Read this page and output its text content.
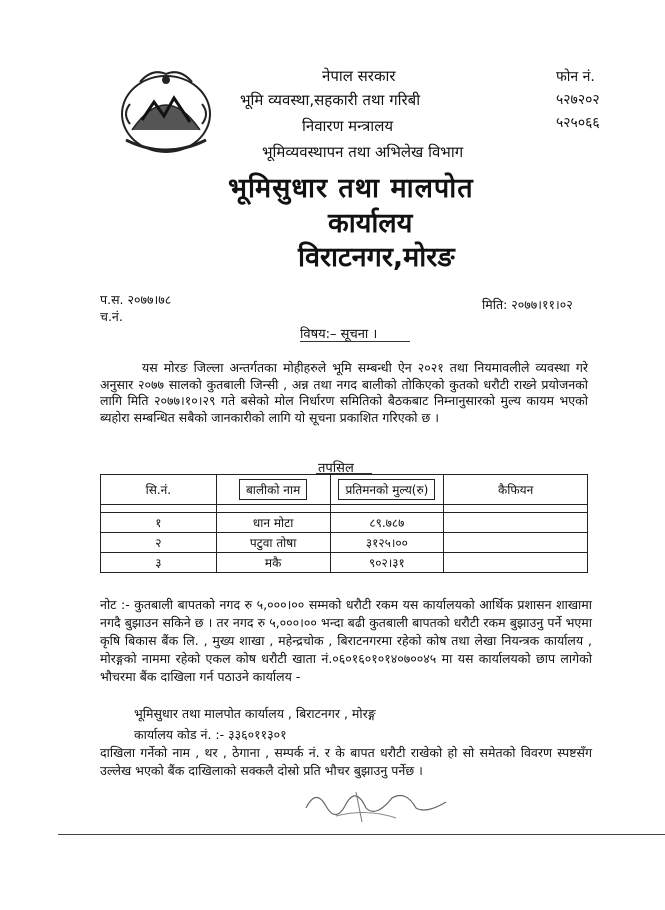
नेपाल सरकार
भूमि व्यवस्था,सहकारी तथा गरिबी
निवारण मन्त्रालय
भूमिव्यवस्थापन तथा अभिलेख विभाग
फोन नं.
५२७२०२
५२५०६६
भूमिसुधार तथा मालपोत
कार्यालय
विराटनगर,मोरङ
प.स. २०७७।७८
च.नं.
मिति: २०७७।११।०२
विषय:– सूचना ।
यस मोरङ जिल्ला अन्तर्गतका मोहीहरुले भूमि सम्बन्धी ऐन २०२१ तथा नियमावलीले व्यवस्था गरे अनुसार २०७७ सालको कुतबाली जिन्सी , अन्न तथा नगद बालीको तोकिएको कुतको धरौटी राख्ने प्रयोजनको लागि मिति २०७७।१०।२९ गते बसेको मोल निर्धारण समितिको बैठकबाट निम्नानुसारको मुल्य कायम भएको ब्यहोरा सम्बन्धित सबैको जानकारीको लागि यो सूचना प्रकाशित गरिएको छ ।
तपसिल
सि.नं.	बालीको नाम	प्रतिमनको मुल्य(रु)	कैफियन

१	धान मोटा	८९.७८७	
२	पटुवा तोषा	३१२५।००	
३	मकै	९०२।३१	
नोट :- कुतबाली बापतको नगद रु ५,०००।०० सम्मको धरौटी रकम यस कार्यालयको आर्थिक प्रशासन शाखामा नगदै बुझाउन सकिने छ । तर नगद रु ५,०००।०० भन्दा बढी कुतबाली बापतको धरौटी रकम बुझाउनु पर्ने भएमा कृषि बिकास बैंक लि. , मुख्य शाखा , महेन्द्रचोक , बिराटनगरमा रहेको कोष तथा लेखा नियन्त्रक कार्यालय , मोरङ्गको नाममा रहेको एकल कोष धरौटी खाता नं.०६०१६०१०१४०७००४५ मा यस कार्यालयको छाप लागेको भौचरमा बैंक दाखिला गर्न पठाउने कार्यालय -
भूमिसुधार तथा मालपोत कार्यालय , बिराटनगर , मोरङ्ग
कार्यालय कोड नं. :- ३३६०११३०१
दाखिला गर्नेको नाम , थर , ठेगाना , सम्पर्क नं. र के बापत धरौटी राखेको हो सो समेतको विवरण स्पष्टसँग उल्लेख भएको बैंक दाखिलाको सक्कलै दोस्रो प्रति भौचर बुझाउनु पर्नेछ ।
